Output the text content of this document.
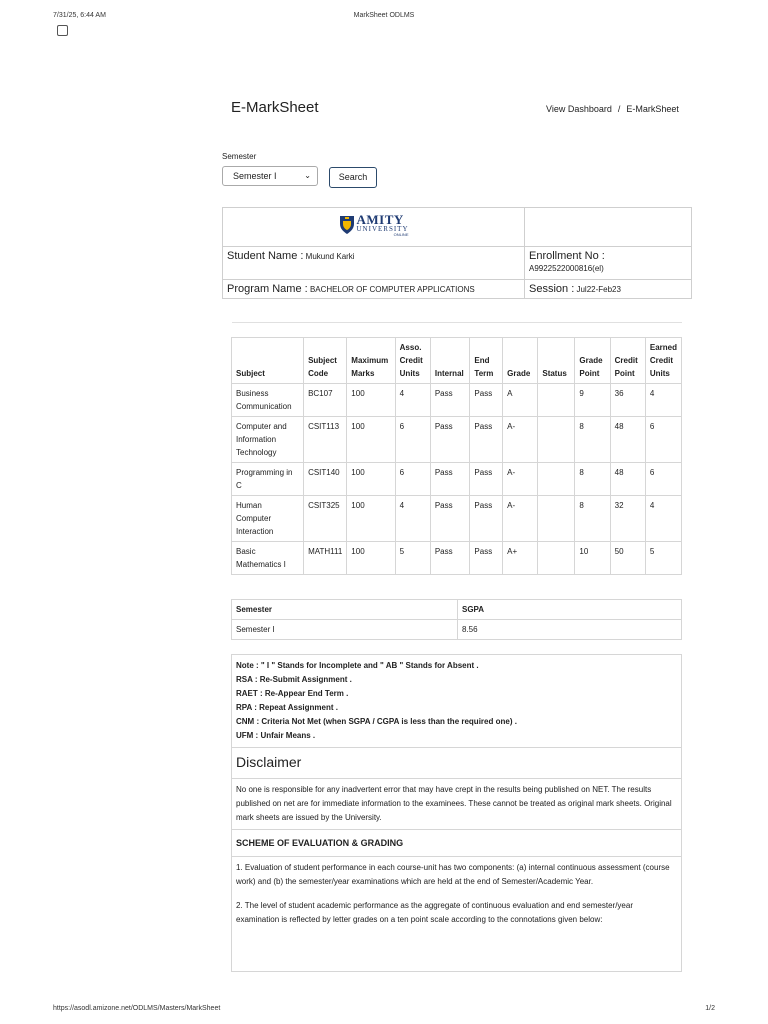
7/31/25, 6:44 AM	MarkSheet ODLMS
E-MarkSheet	View Dashboard / E-MarkSheet
Semester
Semester I	⌄	Search
AMITY
UNIVERSITY
ONLINE	

Student Name : Mukund Karki	Enrollment No :
A9922522000816(el)

Program Name : BACHELOR OF COMPUTER APPLICATIONS	Session : Jul22-Feb23
Subject	Subject Code	Maximum Marks	Asso. Credit Units	Internal	End Term	Grade	Status	Grade Point	Credit Point	Earned Credit Units
Business Communication	BC107	100	4	Pass	Pass	A		9	36	4
Computer and Information Technology	CSIT113	100	6	Pass	Pass	A-		8	48	6
Programming in C	CSIT140	100	6	Pass	Pass	A-		8	48	6
Human Computer Interaction	CSIT325	100	4	Pass	Pass	A-		8	32	4
Basic Mathematics I	MATH111	100	5	Pass	Pass	A+		10	50	5
Semester	SGPA
Semester I	8.56
Note : " I " Stands for Incomplete and " AB " Stands for Absent .
RSA : Re-Submit Assignment .
RAET : Re-Appear End Term .
RPA : Repeat Assignment .
CNM : Criteria Not Met (when SGPA / CGPA is less than the required one) .
UFM : Unfair Means .
Disclaimer
No one is responsible for any inadvertent error that may have crept in the results being published on NET. The results published on net are for immediate information to the examinees. These cannot be treated as original mark sheets. Original mark sheets are issued by the University.
SCHEME OF EVALUATION & GRADING

1. Evaluation of student performance in each course-unit has two components: (a) internal continuous assessment (course work) and (b) the semester/year examinations which are held at the end of Semester/Academic Year.

2. The level of student academic performance as the aggregate of continuous evaluation and end semester/year examination is reflected by letter grades on a ten point scale according to the connotations given below:

https://asodl.amizone.net/ODLMS/Masters/MarkSheet	1/2
